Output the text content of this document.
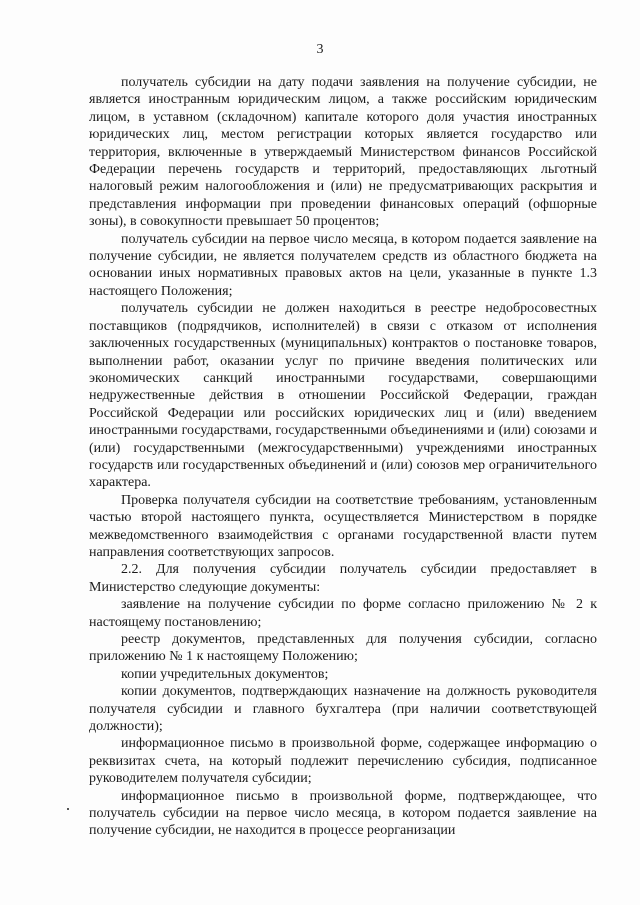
3

получатель субсидии на дату подачи заявления на получение субсидии, не является иностранным юридическим лицом, а также российским юридическим лицом, в уставном (складочном) капитале которого доля участия иностранных юридических лиц, местом регистрации которых является государство или территория, включенные в утверждаемый Министерством финансов Российской Федерации перечень государств и территорий, предоставляющих льготный налоговый режим налогообложения и (или) не предусматривающих раскрытия и представления информации при проведении финансовых операций (офшорные зоны), в совокупности превышает 50 процентов;

получатель субсидии на первое число месяца, в котором подается заявление на получение субсидии, не является получателем средств из областного бюджета на основании иных нормативных правовых актов на цели, указанные в пункте 1.3 настоящего Положения;

получатель субсидии не должен находиться в реестре недобросовестных поставщиков (подрядчиков, исполнителей) в связи с отказом от исполнения заключенных государственных (муниципальных) контрактов о постановке товаров, выполнении работ, оказании услуг по причине введения политических или экономических санкций иностранными государствами, совершающими недружественные действия в отношении Российской Федерации, граждан Российской Федерации или российских юридических лиц и (или) введением иностранными государствами, государственными объединениями и (или) союзами и (или) государственными (межгосударственными) учреждениями иностранных государств или государственных объединений и (или) союзов мер ограничительного характера.

Проверка получателя субсидии на соответствие требованиям, установленным частью второй настоящего пункта, осуществляется Министерством в порядке межведомственного взаимодействия с органами государственной власти путем направления соответствующих запросов.

2.2. Для получения субсидии получатель субсидии предоставляет в Министерство следующие документы:

заявление на получение субсидии по форме согласно приложению № 2 к настоящему постановлению;

реестр документов, представленных для получения субсидии, согласно приложению № 1 к настоящему Положению;

копии учредительных документов;

копии документов, подтверждающих назначение на должность руководителя получателя субсидии и главного бухгалтера (при наличии соответствующей должности);

информационное письмо в произвольной форме, содержащее информацию о реквизитах счета, на который подлежит перечислению субсидия, подписанное руководителем получателя субсидии;

информационное письмо в произвольной форме, подтверждающее, что получатель субсидии на первое число месяца, в котором подается заявление на получение субсидии, не находится в процессе реорганизации
